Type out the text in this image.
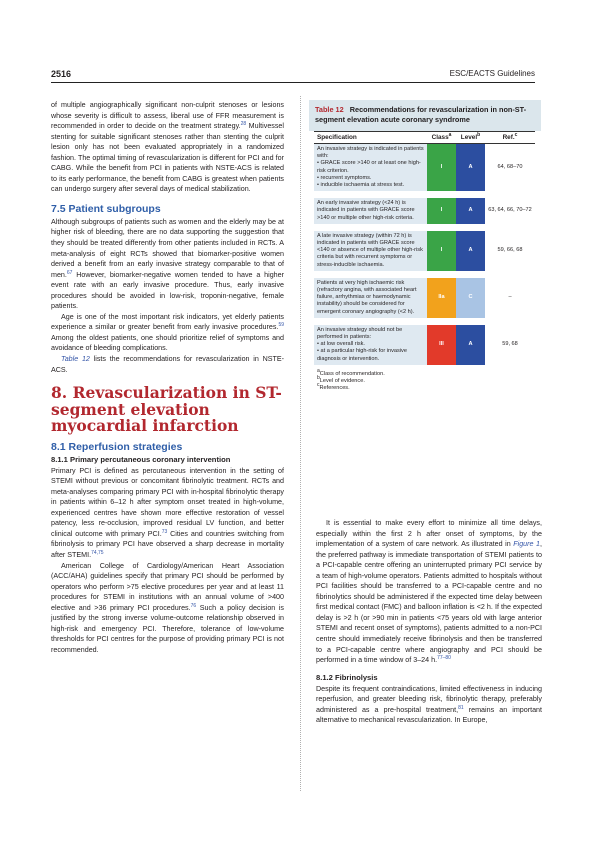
2516	ESC/EACTS Guidelines

of multiple angiographically significant non-culprit stenoses or lesions whose severity is difficult to assess, liberal use of FFR measurement is recommended in order to decide on the treatment strategy.$^{28}$ Multivessel stenting for suitable significant stenoses rather than stenting the culprit lesion only has not been evaluated appropriately in a randomized fashion. The optimal timing of revascularization is different for PCI and for CABG. While the benefit from PCI in patients with NSTE-ACS is related to its early performance, the benefit from CABG is greatest when patients can undergo surgery after several days of medical stabilization.

7.5 Patient subgroups

Although subgroups of patients such as women and the elderly may be at higher risk of bleeding, there are no data supporting the suggestion that they should be treated differently from other patients included in RCTs. A meta-analysis of eight RCTs showed that biomarker-positive women derived a benefit from an early invasive strategy comparable to that of men.$^{67}$ However, biomarker-negative women tended to have a higher event rate with an early invasive procedure. Thus, early invasive procedures should be avoided in low-risk, troponin-negative, female patients.

Age is one of the most important risk indicators, yet elderly patients experience a similar or greater benefit from early invasive procedures.$^{59}$ Among the oldest patients, one should prioritize relief of symptoms and avoidance of bleeding complications.

Table 12 lists the recommendations for revascularization in NSTE-ACS.

8. Revascularization in ST-segment elevation myocardial infarction
8.1 Reperfusion strategies
8.1.1 Primary percutaneous coronary intervention

Primary PCI is defined as percutaneous intervention in the setting of STEMI without previous or concomitant fibrinolytic treatment. RCTs and meta-analyses comparing primary PCI with in-hospital fibrinolytic therapy in patients within 6–12 h after symptom onset treated in high-volume, experienced centres have shown more effective restoration of vessel patency, less re-occlusion, improved residual LV function, and better clinical outcome with primary PCI.$^{73}$ Cities and countries switching from fibrinolysis to primary PCI have observed a sharp decrease in mortality after STEMI.$^{74,75}$

American College of Cardiology/American Heart Association (ACC/AHA) guidelines specify that primary PCI should be performed by operators who perform >75 elective procedures per year and at least 11 procedures for STEMI in institutions with an annual volume of >400 elective and >36 primary PCI procedures.$^{76}$ Such a policy decision is justified by the strong inverse volume-outcome relationship observed in high-risk and emergency PCI. Therefore, tolerance of low-volume thresholds for PCI centres for the purpose of providing primary PCI is not recommended.

Table 12 Recommendations for revascularization in non-ST-segment elevation acute coronary syndrome
Specification	Class$^a$	Level$^b$	Ref.$^c$
An invasive strategy is indicated in patients with:
• GRACE score >140 or at least one high-risk criterion.
• recurrent symptoms.
• inducible ischaemia at stress test.	I	A	64, 68–70

An early invasive strategy (<24 h) is indicated in patients with GRACE score >140 or multiple other high-risk criteria.	I	A	63, 64, 66, 70–72

A late invasive strategy (within 72 h) is indicated in patients with GRACE score <140 or absence of multiple other high-risk criteria but with recurrent symptoms or stress-inducible ischaemia.	I	A	59, 66, 68

Patients at very high ischaemic risk (refractory angina, with associated heart failure, arrhythmias or haemodynamic instability) should be considered for emergent coronary angiography (<2 h).	IIa	C	–

An invasive strategy should not be performed in patients:
• at low overall risk.
• at a particular high-risk for invasive diagnosis or intervention.	III	A	59, 68
$^a$Class of recommendation.
$^b$Level of evidence.
$^c$References.

It is essential to make every effort to minimize all time delays, especially within the first 2 h after onset of symptoms, by the implementation of a system of care network. As illustrated in Figure 1, the preferred pathway is immediate transportation of STEMI patients to a PCI-capable centre offering an uninterrupted primary PCI service by a team of high-volume operators. Patients admitted to hospitals without PCI facilities should be transferred to a PCI-capable centre and no fibrinolytics should be administered if the expected time delay between first medical contact (FMC) and balloon inflation is <2 h. If the expected delay is >2 h (or >90 min in patients <75 years old with large anterior STEMI and recent onset of symptoms), patients admitted to a non-PCI centre should immediately receive fibrinolysis and then be transferred to a PCI-capable centre where angiography and PCI should be performed in a time window of 3–24 h.$^{77-80}$

8.1.2 Fibrinolysis

Despite its frequent contraindications, limited effectiveness in inducing reperfusion, and greater bleeding risk, fibrinolytic therapy, preferably administered as a pre-hospital treatment,$^{81}$ remains an important alternative to mechanical revascularization. In Europe,
